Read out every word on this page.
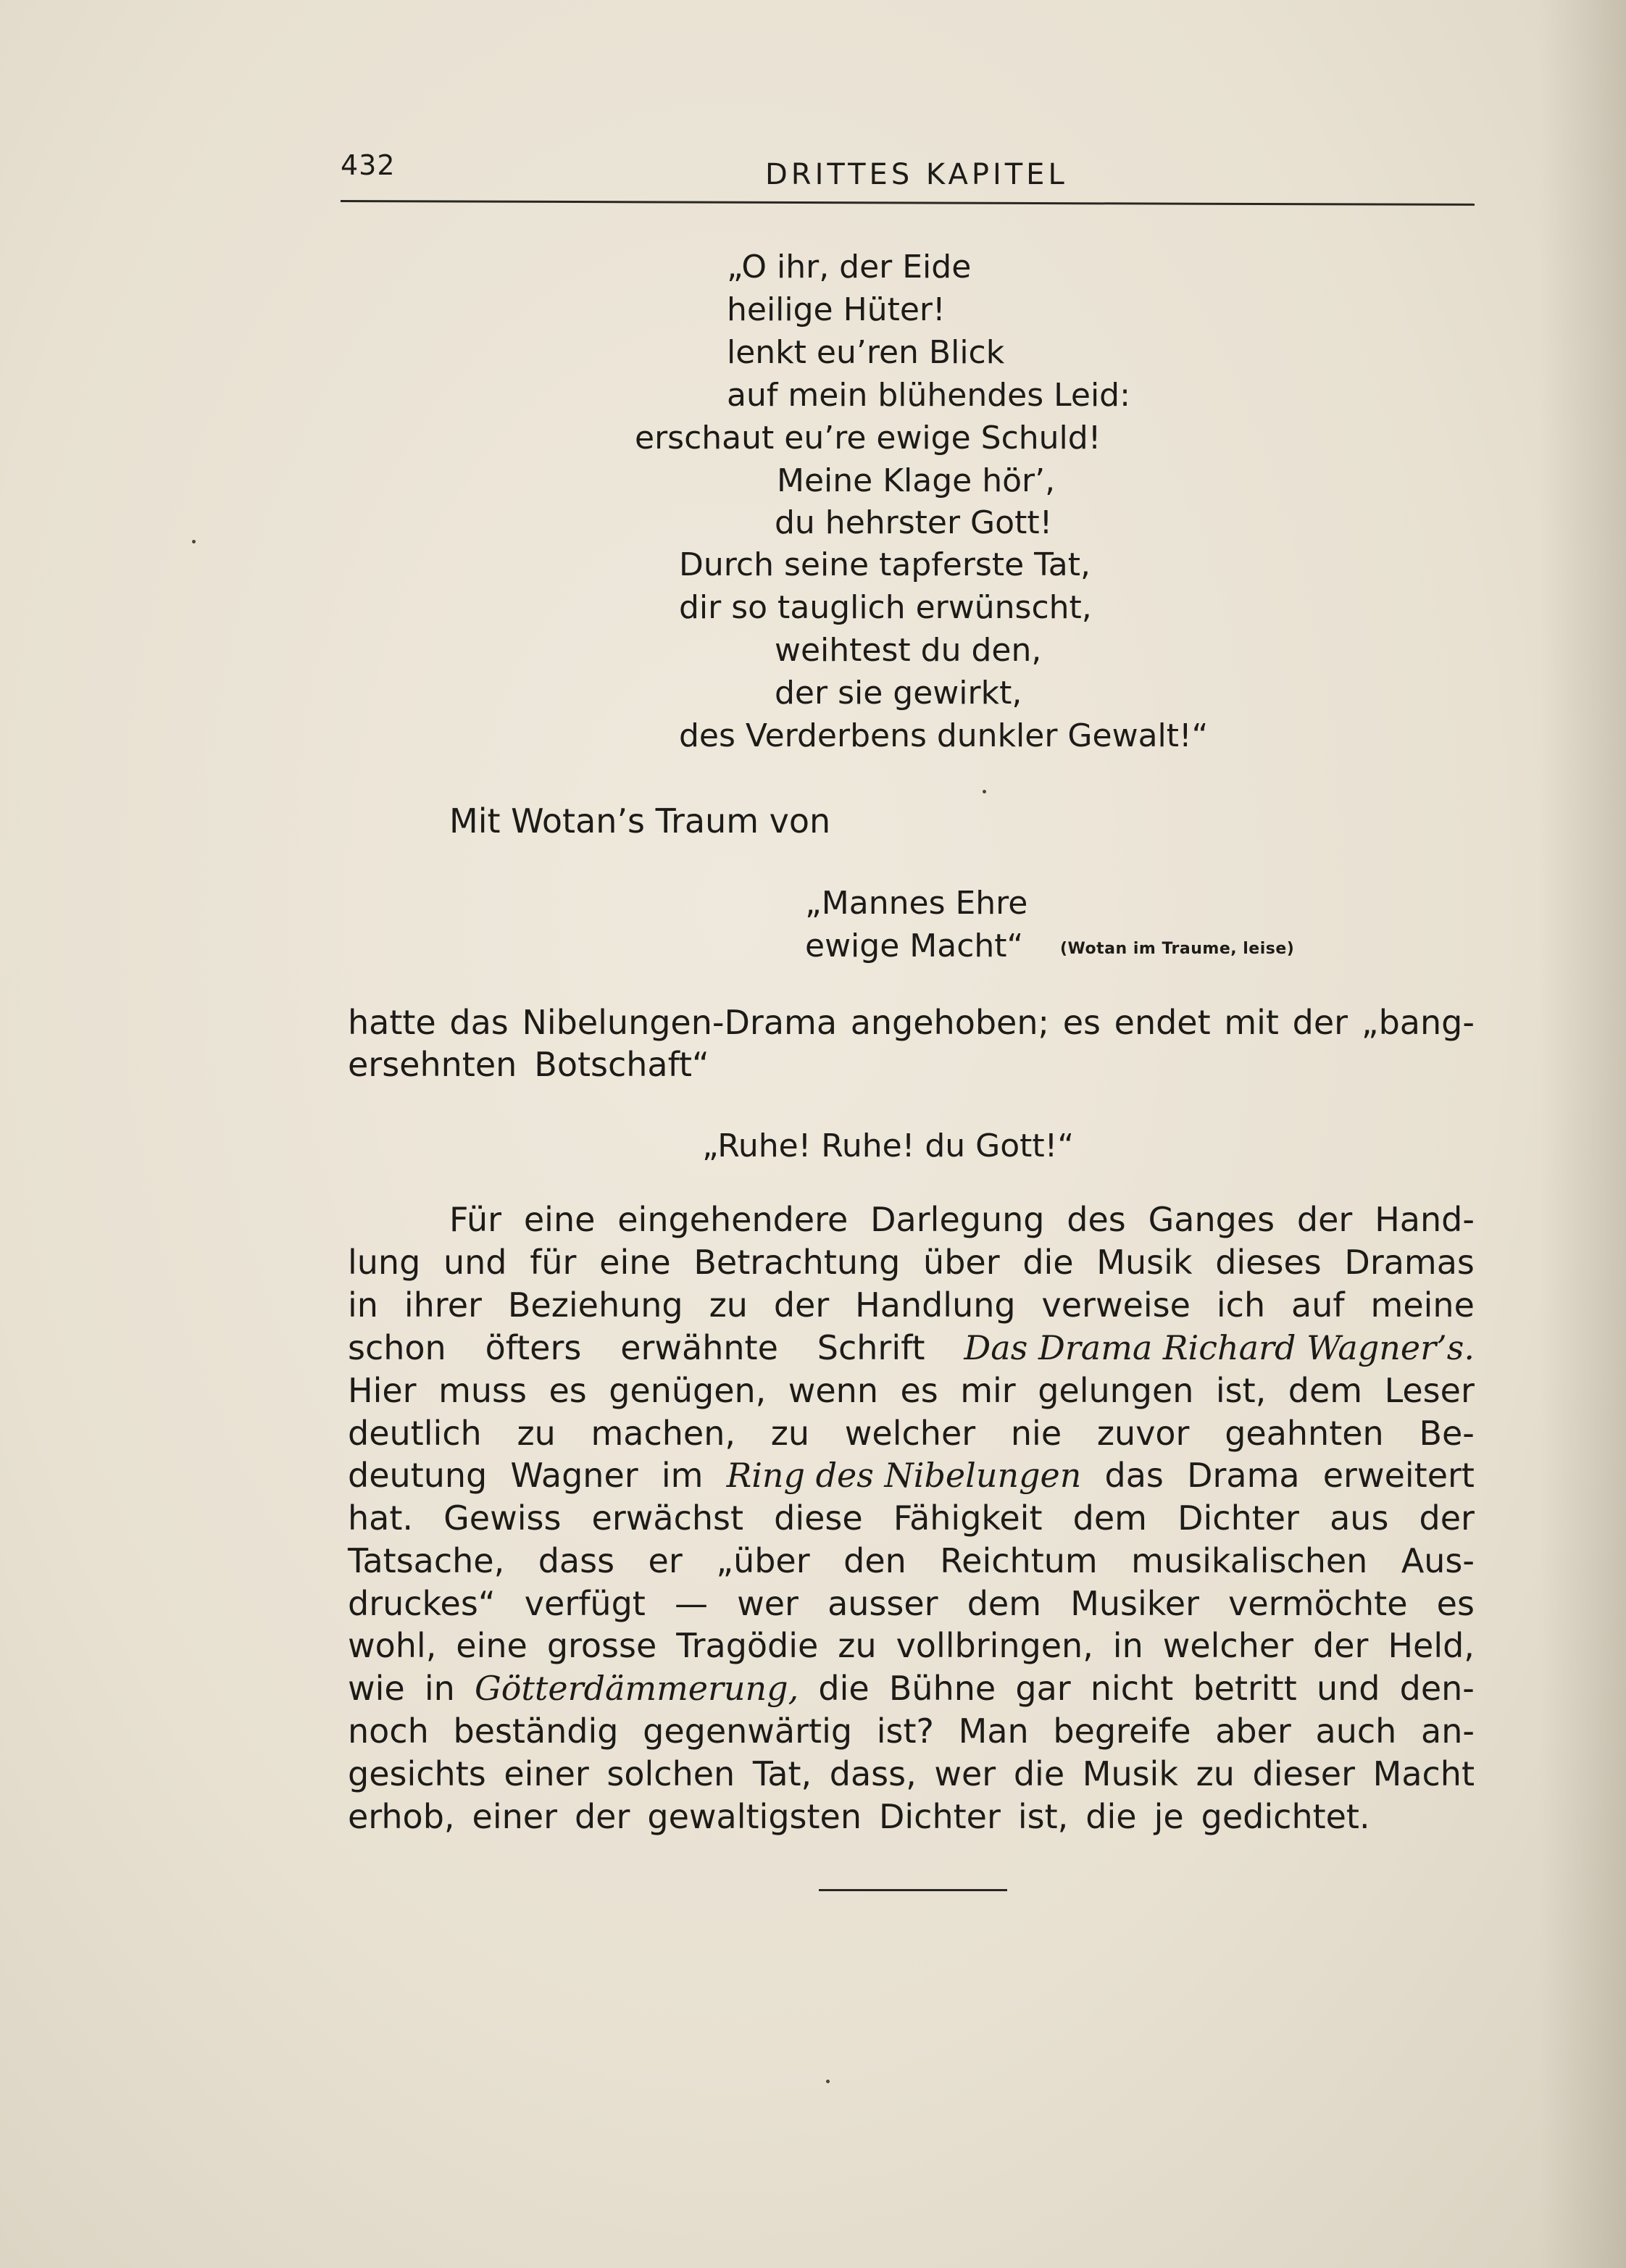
432	DRITTES KAPITEL
„O ihr, der Eide
heilige Hüter!
lenkt eu’ren Blick
auf mein blühendes Leid:
erschaut eu’re ewige Schuld!
Meine Klage hör’,
du hehrster Gott!
Durch seine tapferste Tat,
dir so tauglich erwünscht,
weihtest du den,
der sie gewirkt,
des Verderbens dunkler Gewalt!“
Mit Wotan’s Traum von
„Mannes Ehre
ewige Macht“ (Wotan im Traume, leise)
hatte das Nibelungen-Drama angehoben; es endet mit der „bang-
ersehnten Botschaft“
„Ruhe! Ruhe! du Gott!“
Für eine eingehendere Darlegung des Ganges der Hand-
lung und für eine Betrachtung über die Musik dieses Dramas
in ihrer Beziehung zu der Handlung verweise ich auf meine
schon öfters erwähnte Schrift Das Drama Richard Wagner’s.
Hier muss es genügen, wenn es mir gelungen ist, dem Leser
deutlich zu machen, zu welcher nie zuvor geahnten Be-
deutung Wagner im Ring des Nibelungen das Drama erweitert
hat. Gewiss erwächst diese Fähigkeit dem Dichter aus der
Tatsache, dass er „über den Reichtum musikalischen Aus-
druckes“ verfügt — wer ausser dem Musiker vermöchte es
wohl, eine grosse Tragödie zu vollbringen, in welcher der Held,
wie in Götterdämmerung, die Bühne gar nicht betritt und den-
noch beständig gegenwärtig ist? Man begreife aber auch an-
gesichts einer solchen Tat, dass, wer die Musik zu dieser Macht
erhob, einer der gewaltigsten Dichter ist, die je gedichtet.
